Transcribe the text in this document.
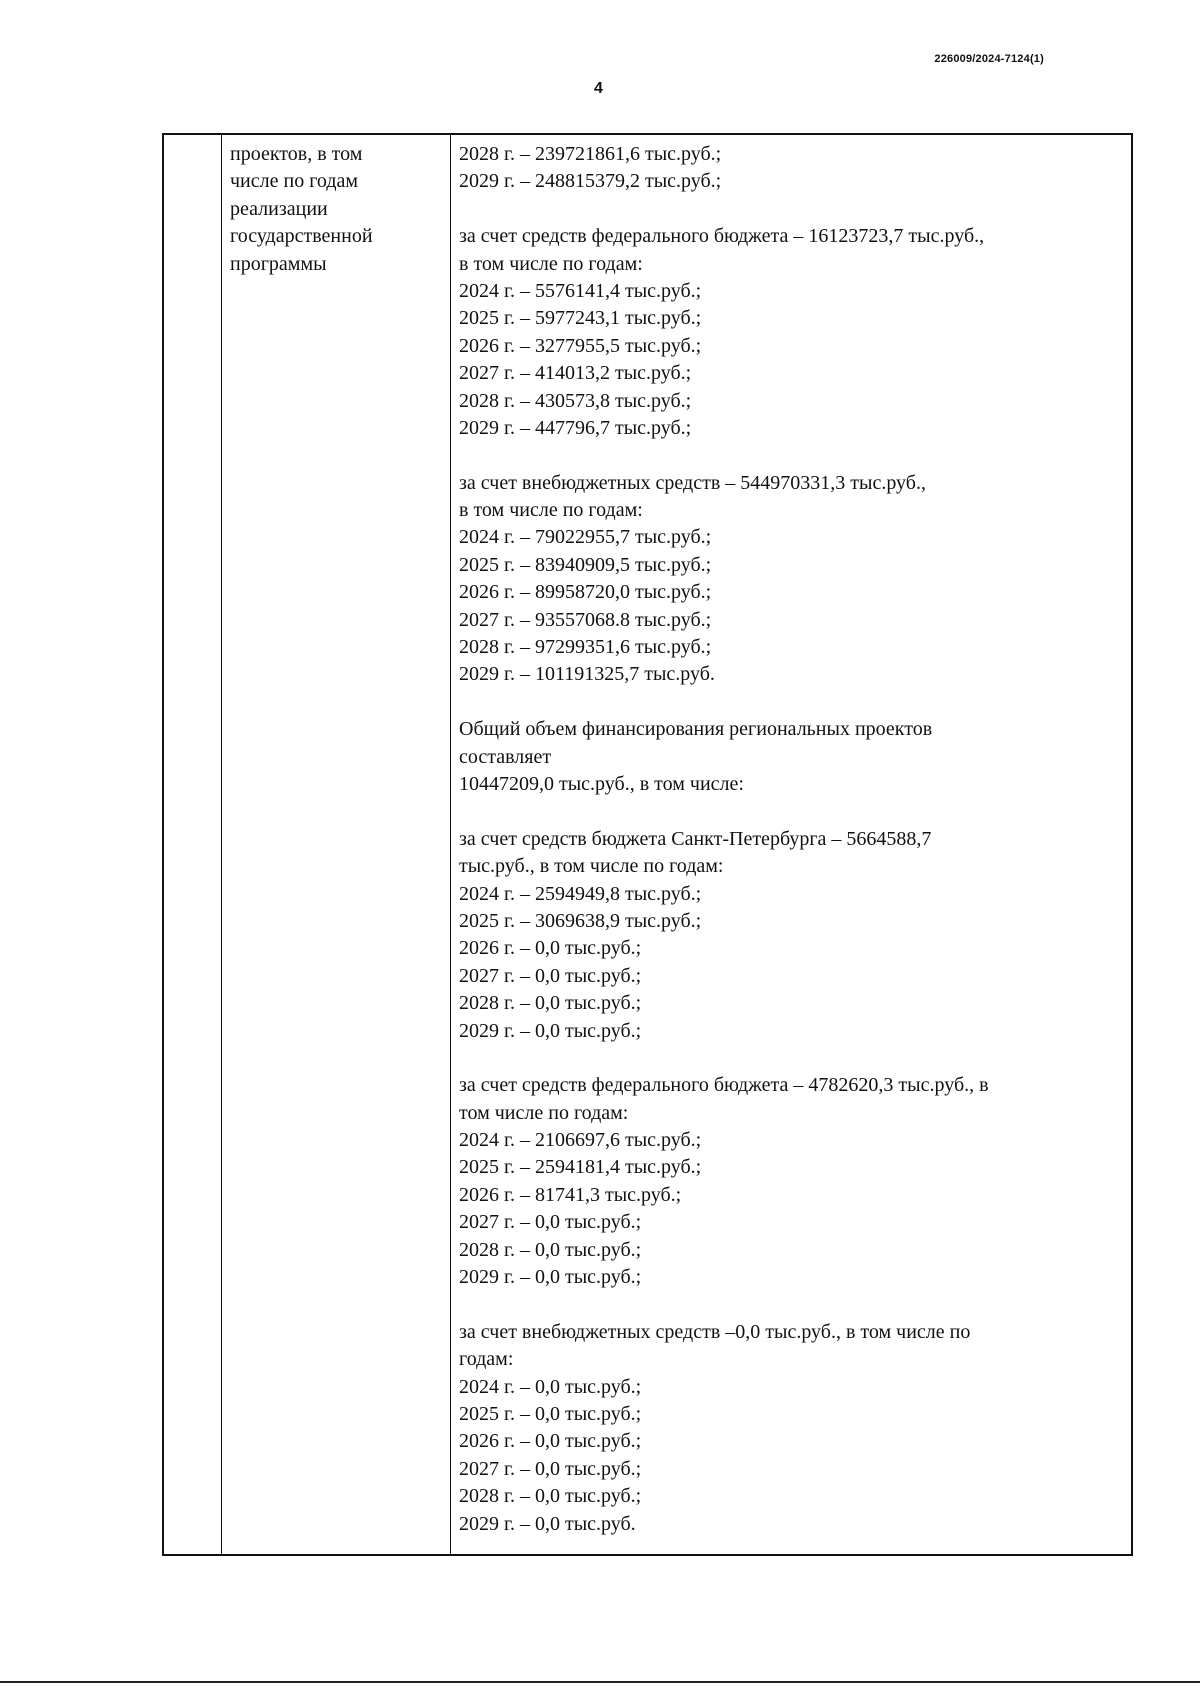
226009/2024-7124(1)
4
проектов, в том
числе по годам
реализации
государственной
программы
2028 г. – 239721861,6 тыс.руб.;
2029 г. – 248815379,2 тыс.руб.;
за счет средств федерального бюджета – 16123723,7 тыс.руб.,
в том числе по годам:
2024 г. – 5576141,4 тыс.руб.;
2025 г. – 5977243,1 тыс.руб.;
2026 г. – 3277955,5 тыс.руб.;
2027 г. – 414013,2 тыс.руб.;
2028 г. – 430573,8 тыс.руб.;
2029 г. – 447796,7 тыс.руб.;
за счет внебюджетных средств – 544970331,3 тыс.руб.,
в том числе по годам:
2024 г. – 79022955,7 тыс.руб.;
2025 г. – 83940909,5 тыс.руб.;
2026 г. – 89958720,0 тыс.руб.;
2027 г. – 93557068.8 тыс.руб.;
2028 г. – 97299351,6 тыс.руб.;
2029 г. – 101191325,7 тыс.руб.
Общий объем финансирования региональных проектов
составляет
10447209,0 тыс.руб., в том числе:
за счет средств бюджета Санкт-Петербурга – 5664588,7
тыс.руб., в том числе по годам:
2024 г. – 2594949,8 тыс.руб.;
2025 г. – 3069638,9 тыс.руб.;
2026 г. – 0,0 тыс.руб.;
2027 г. – 0,0 тыс.руб.;
2028 г. – 0,0 тыс.руб.;
2029 г. – 0,0 тыс.руб.;
за счет средств федерального бюджета – 4782620,3 тыс.руб., в
том числе по годам:
2024 г. – 2106697,6 тыс.руб.;
2025 г. – 2594181,4 тыс.руб.;
2026 г. – 81741,3 тыс.руб.;
2027 г. – 0,0 тыс.руб.;
2028 г. – 0,0 тыс.руб.;
2029 г. – 0,0 тыс.руб.;
за счет внебюджетных средств –0,0 тыс.руб., в том числе по
годам:
2024 г. – 0,0 тыс.руб.;
2025 г. – 0,0 тыс.руб.;
2026 г. – 0,0 тыс.руб.;
2027 г. – 0,0 тыс.руб.;
2028 г. – 0,0 тыс.руб.;
2029 г. – 0,0 тыс.руб.
